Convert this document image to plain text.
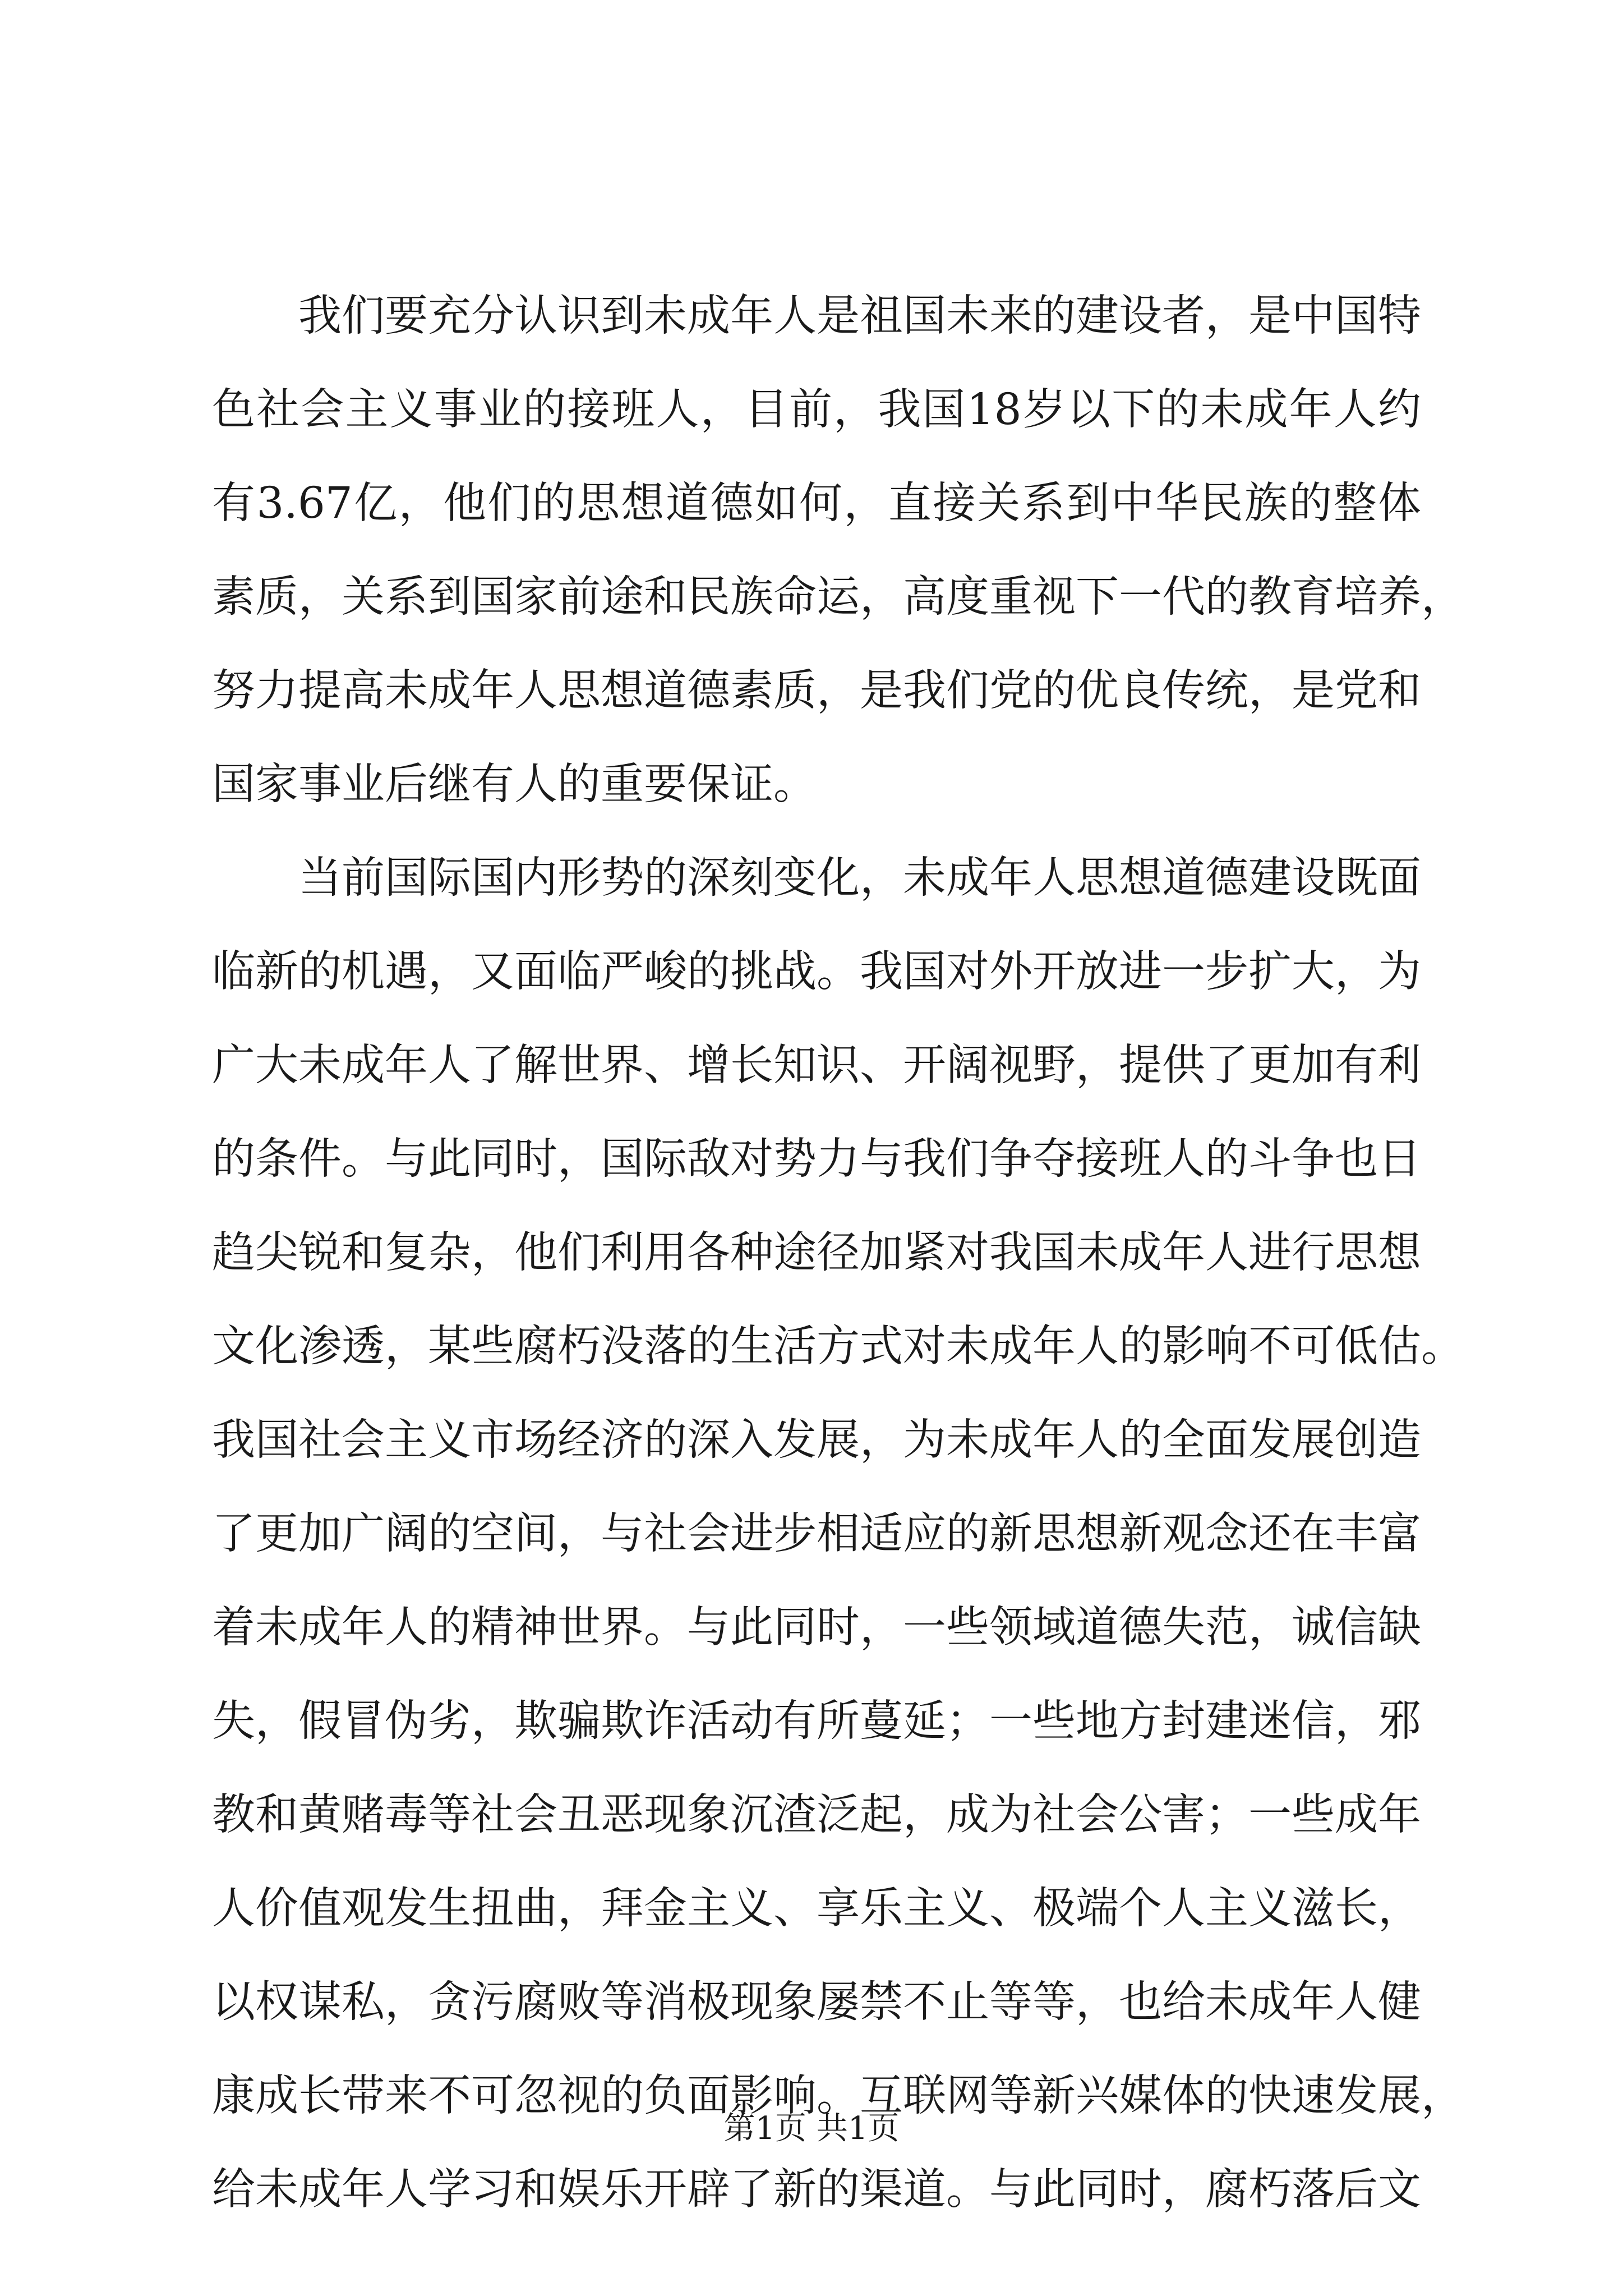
我们要充分认识到未成年人是祖国未来的建设者，是中国特
色社会主义事业的接班人，目前，我国18岁以下的未成年人约
有3.67亿，他们的思想道德如何，直接关系到中华民族的整体
素质，关系到国家前途和民族命运，高度重视下一代的教育培养，
努力提高未成年人思想道德素质，是我们党的优良传统，是党和
国家事业后继有人的重要保证。
当前国际国内形势的深刻变化，未成年人思想道德建设既面
临新的机遇，又面临严峻的挑战。我国对外开放进一步扩大，为
广大未成年人了解世界、增长知识、开阔视野，提供了更加有利
的条件。与此同时，国际敌对势力与我们争夺接班人的斗争也日
趋尖锐和复杂，他们利用各种途径加紧对我国未成年人进行思想
文化渗透，某些腐朽没落的生活方式对未成年人的影响不可低估。
我国社会主义市场经济的深入发展，为未成年人的全面发展创造
了更加广阔的空间，与社会进步相适应的新思想新观念还在丰富
着未成年人的精神世界。与此同时，一些领域道德失范，诚信缺
失，假冒伪劣，欺骗欺诈活动有所蔓延；一些地方封建迷信，邪
教和黄赌毒等社会丑恶现象沉渣泛起，成为社会公害；一些成年
人价值观发生扭曲，拜金主义、享乐主义、极端个人主义滋长，
以权谋私，贪污腐败等消极现象屡禁不止等等，也给未成年人健
康成长带来不可忽视的负面影响。互联网等新兴媒体的快速发展，
给未成年人学习和娱乐开辟了新的渠道。与此同时，腐朽落后文
第1页 共1页
